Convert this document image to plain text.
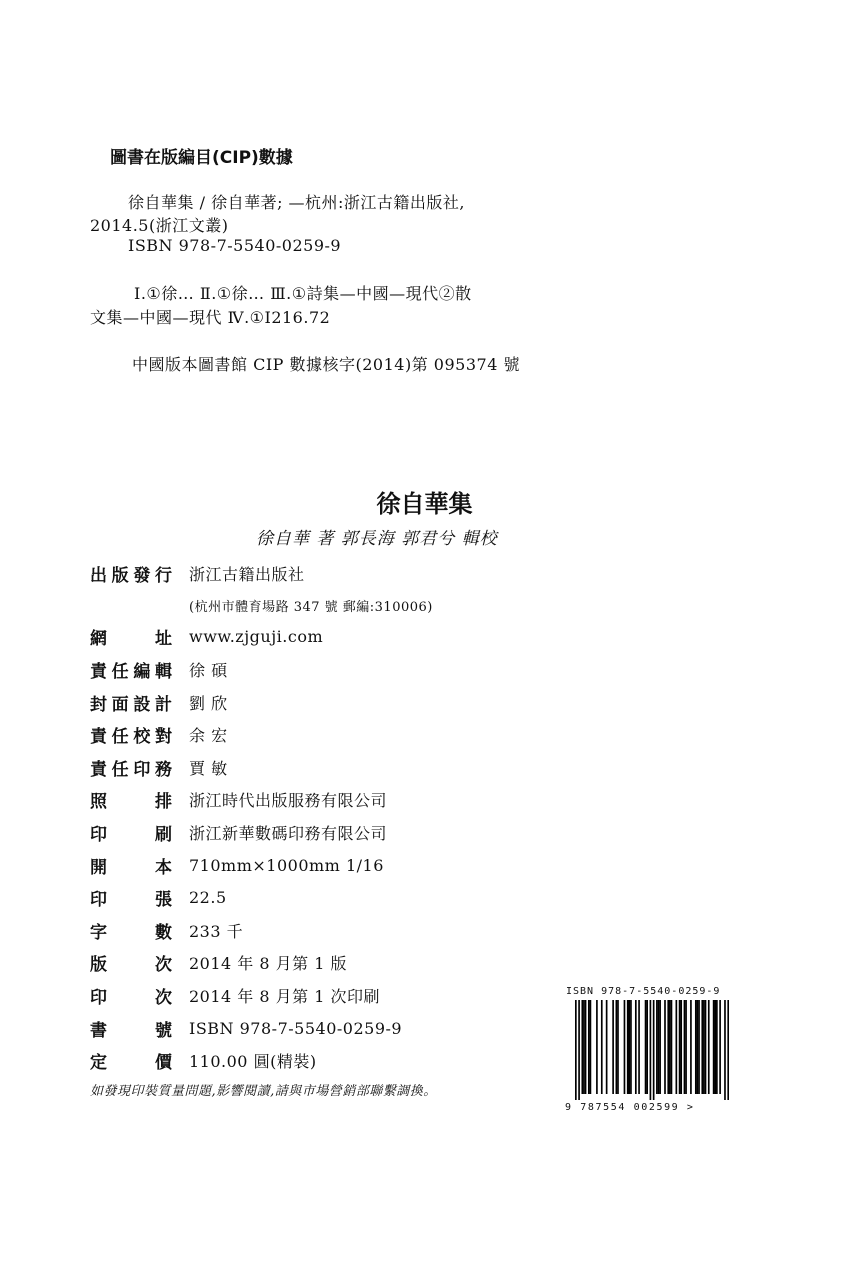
圖書在版編目(CIP)數據
徐自華集 / 徐自華著; —杭州:浙江古籍出版社,
2014.5(浙江文叢)
ISBN 978-7-5540-0259-9
Ⅰ.①徐… Ⅱ.①徐… Ⅲ.①詩集—中國—現代②散
文集—中國—現代 Ⅳ.①I216.72
中國版本圖書館 CIP 數據核字(2014)第 095374 號
徐自華集
徐自華 著 郭長海 郭君兮 輯校
出 版 發 行 浙江古籍出版社
(杭州市體育場路 347 號 郵編:310006)
網	址 www.zjguji.com
責 任 編 輯 徐 碩
封 面 設 計 劉 欣
責 任 校 對 余 宏
責 任 印 務 賈 敏
照	排 浙江時代出版服務有限公司
印	刷 浙江新華數碼印務有限公司
開	本 710mm×1000mm 1/16
印	張 22.5
字	數 233 千
版	次 2014 年 8 月第 1 版
印	次 2014 年 8 月第 1 次印刷
書	號 ISBN 978-7-5540-0259-9
定	價 110.00 圓(精裝)
如發現印裝質量問題,影響閱讀,請與市場營銷部聯繫調換。
ISBN 978-7-5540-0259-9
9 787554 002599 >
